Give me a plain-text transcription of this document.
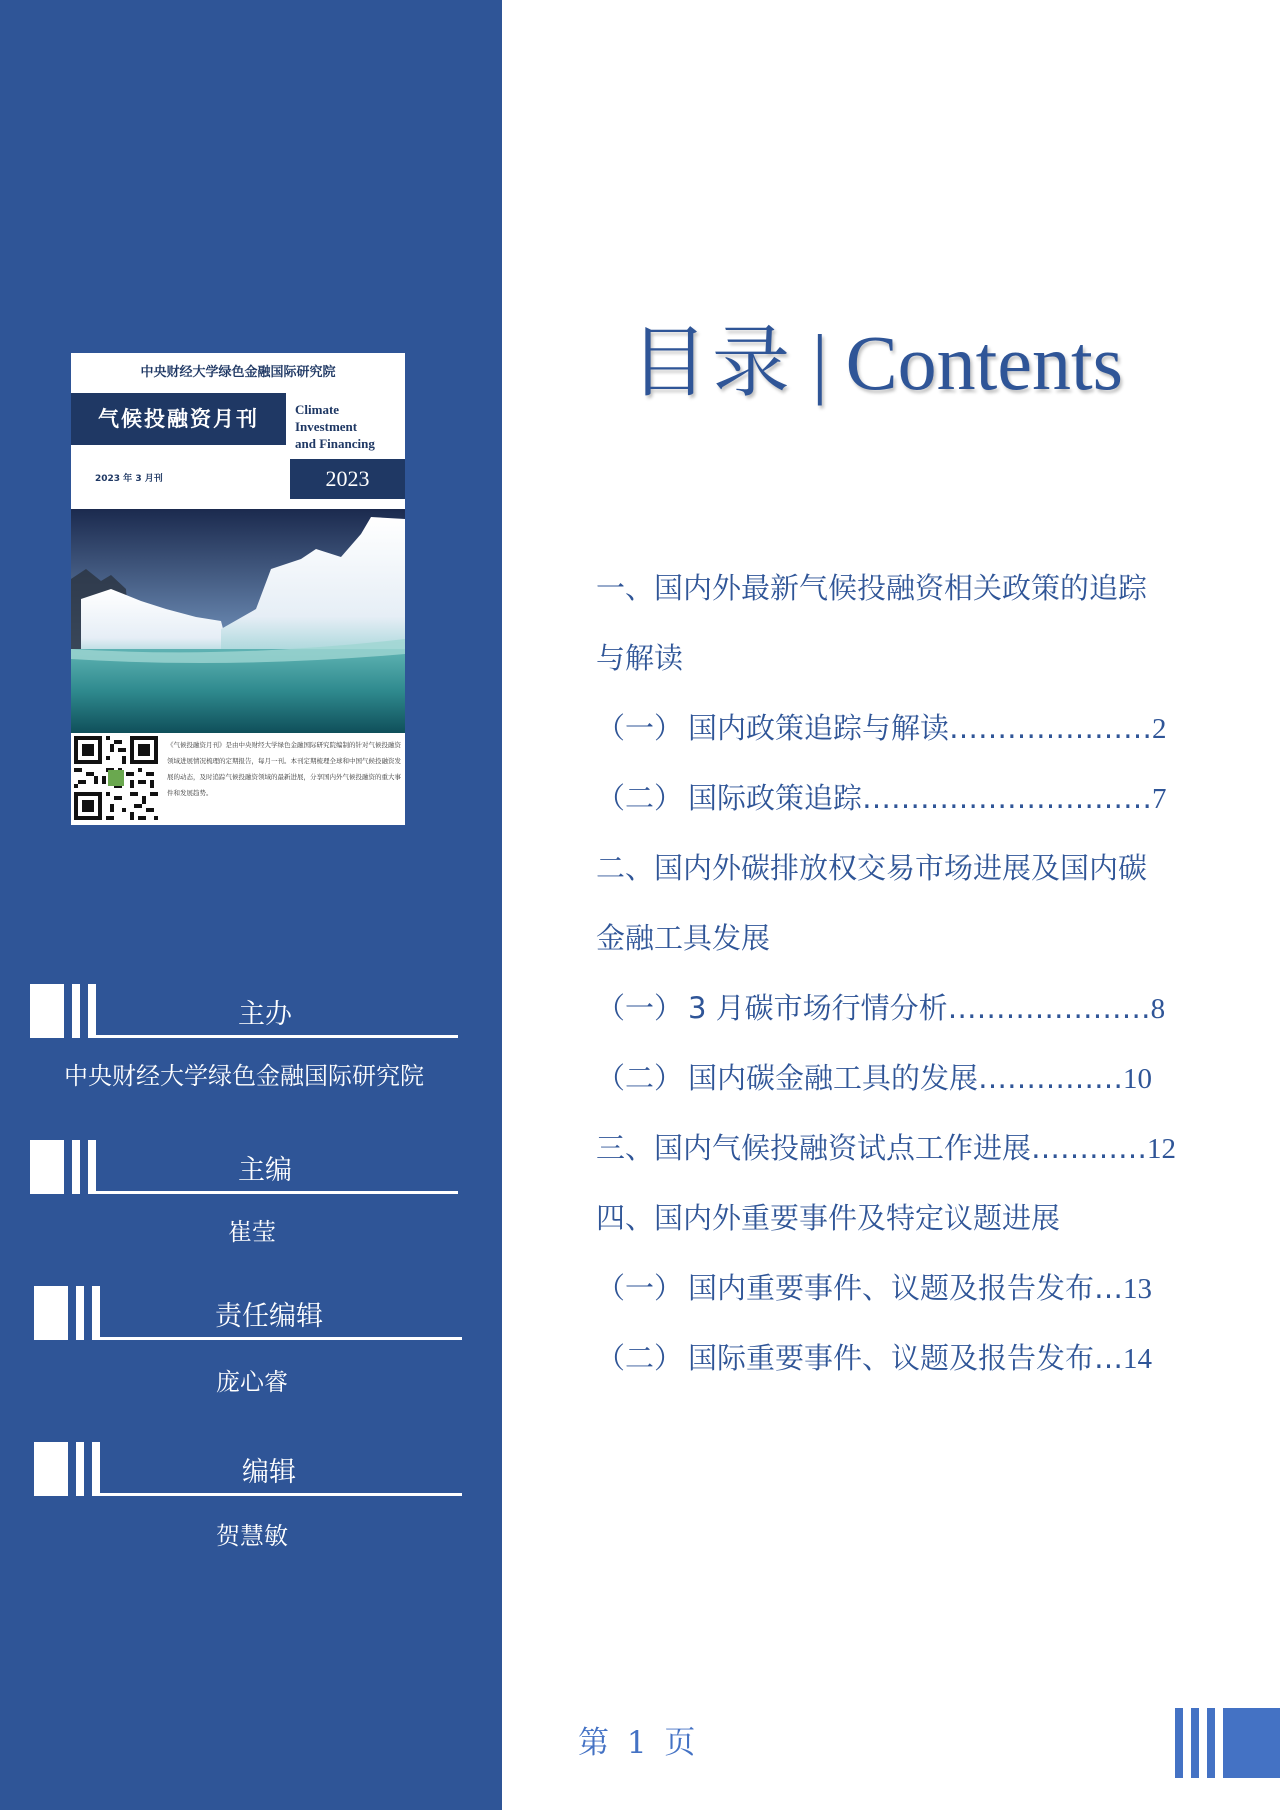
中央财经大学绿色金融国际研究院
气候投融资月刊	Climate
Investment
and Financing
2023 年 3 月刊	2023
《气候投融资月刊》是由中央财经大学绿色金融国际研究院编制的针对气候投融资领域进展情况梳理的定期报告，每月一刊。本刊定期梳理全球和中国气候投融资发展的动态，及时追踪气候投融资领域的最新进展，分享国内外气候投融资的重大事件和发展趋势。
主办
中央财经大学绿色金融国际研究院
主编
崔莹
责任编辑
庞心睿
编辑
贺慧敏
目录 | Contents
一、国内外最新气候投融资相关政策的追踪
与解读
（一） 国内政策追踪与解读…………………2
（二） 国际政策追踪…………………………7
二、国内外碳排放权交易市场进展及国内碳
金融工具发展
（一） 3 月碳市场行情分析…………………8
（二） 国内碳金融工具的发展……………10
三、国内气候投融资试点工作进展…………12
四、国内外重要事件及特定议题进展
（一） 国内重要事件、议题及报告发布…13
（二） 国际重要事件、议题及报告发布…14
第 1 页
